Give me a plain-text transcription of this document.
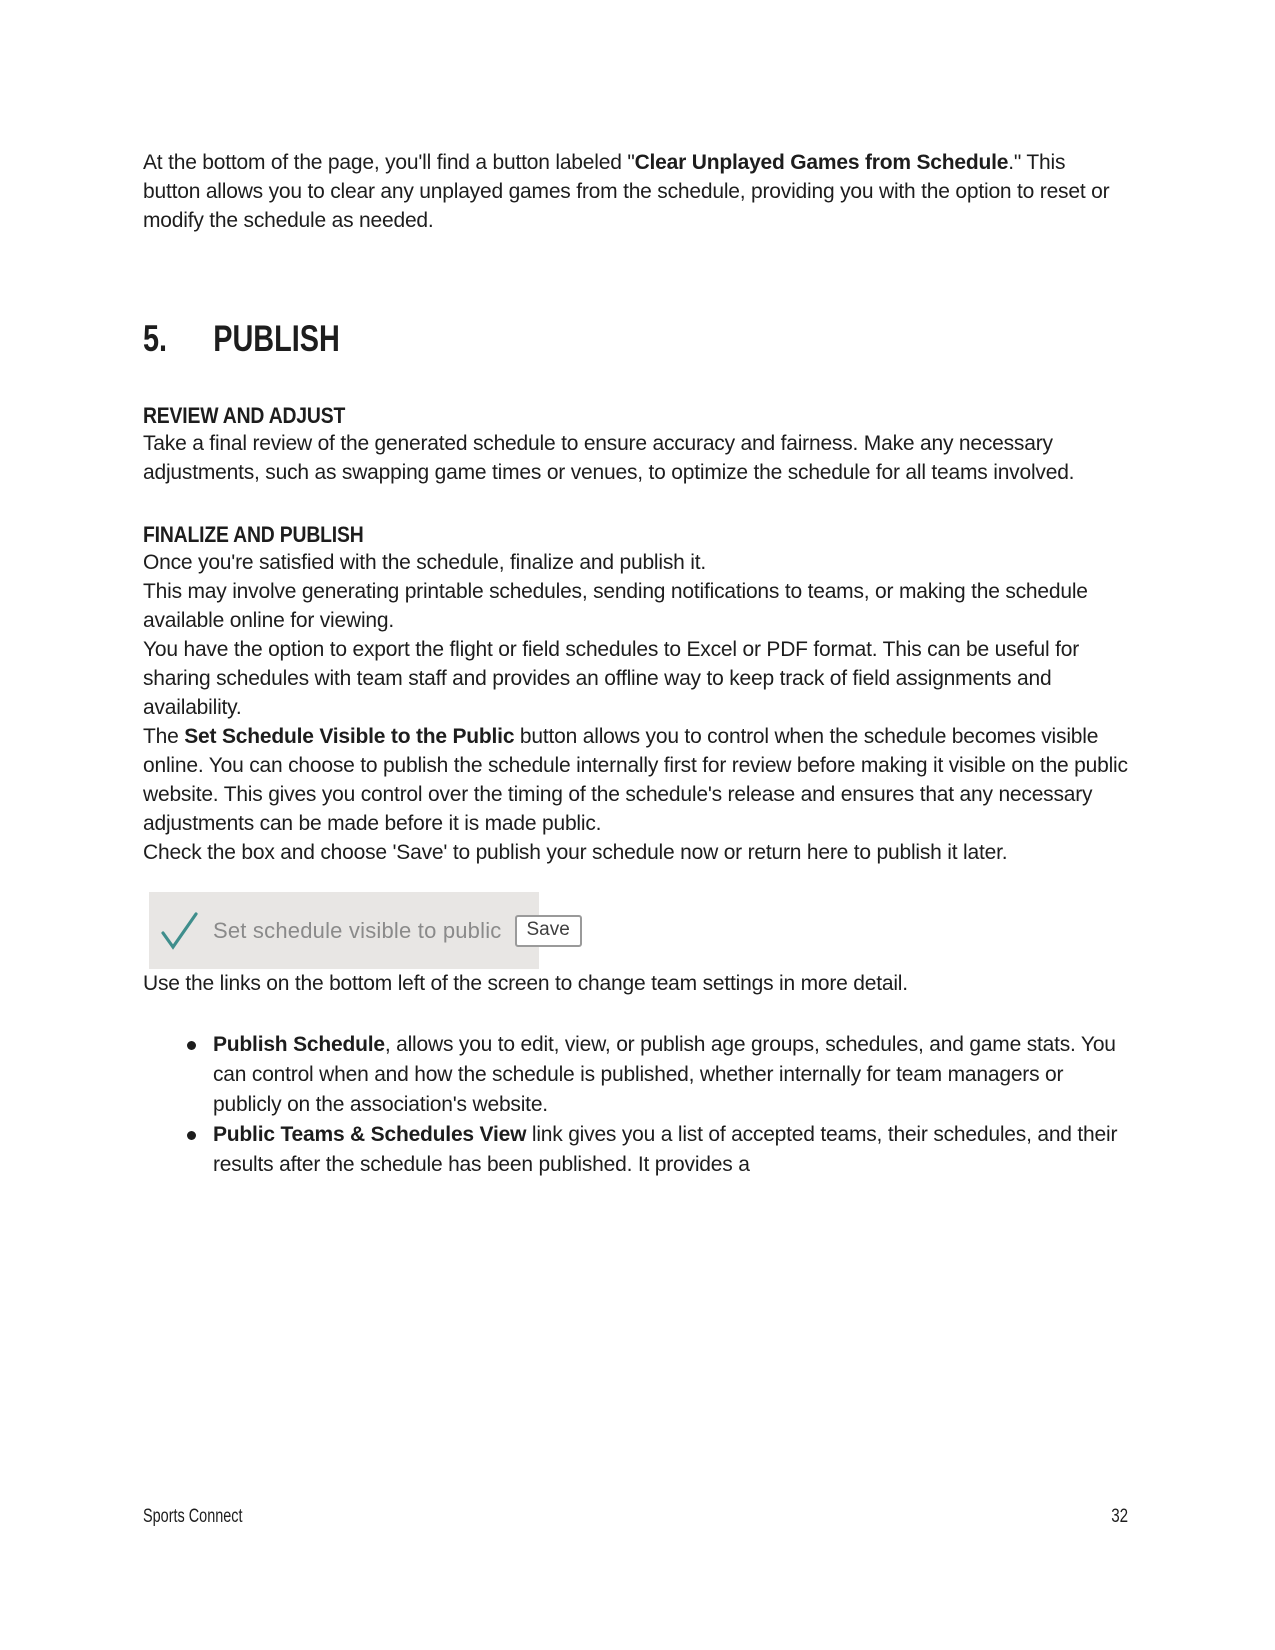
At the bottom of the page, you'll find a button labeled "Clear Unplayed Games from Schedule." This button allows you to clear any unplayed games from the schedule, providing you with the option to reset or modify the schedule as needed.

5. PUBLISH
REVIEW AND ADJUST

Take a final review of the generated schedule to ensure accuracy and fairness. Make any necessary adjustments, such as swapping game times or venues, to optimize the schedule for all teams involved.

FINALIZE AND PUBLISH

Once you're satisfied with the schedule, finalize and publish it.

This may involve generating printable schedules, sending notifications to teams, or making the schedule available online for viewing.

You have the option to export the flight or field schedules to Excel or PDF format. This can be useful for sharing schedules with team staff and provides an offline way to keep track of field assignments and availability.

The Set Schedule Visible to the Public button allows you to control when the schedule becomes visible online. You can choose to publish the schedule internally first for review before making it visible on the public website. This gives you control over the timing of the schedule's release and ensures that any necessary adjustments can be made before it is made public.

Check the box and choose 'Save' to publish your schedule now or return here to publish it later.

Set schedule visible to public	Save

Use the links on the bottom left of the screen to change team settings in more detail.

Publish Schedule, allows you to edit, view, or publish age groups, schedules, and game stats. You can control when and how the schedule is published, whether internally for team managers or publicly on the association's website.
Public Teams & Schedules View link gives you a list of accepted teams, their schedules, and their results after the schedule has been published. It provides a
Sports Connect	32
